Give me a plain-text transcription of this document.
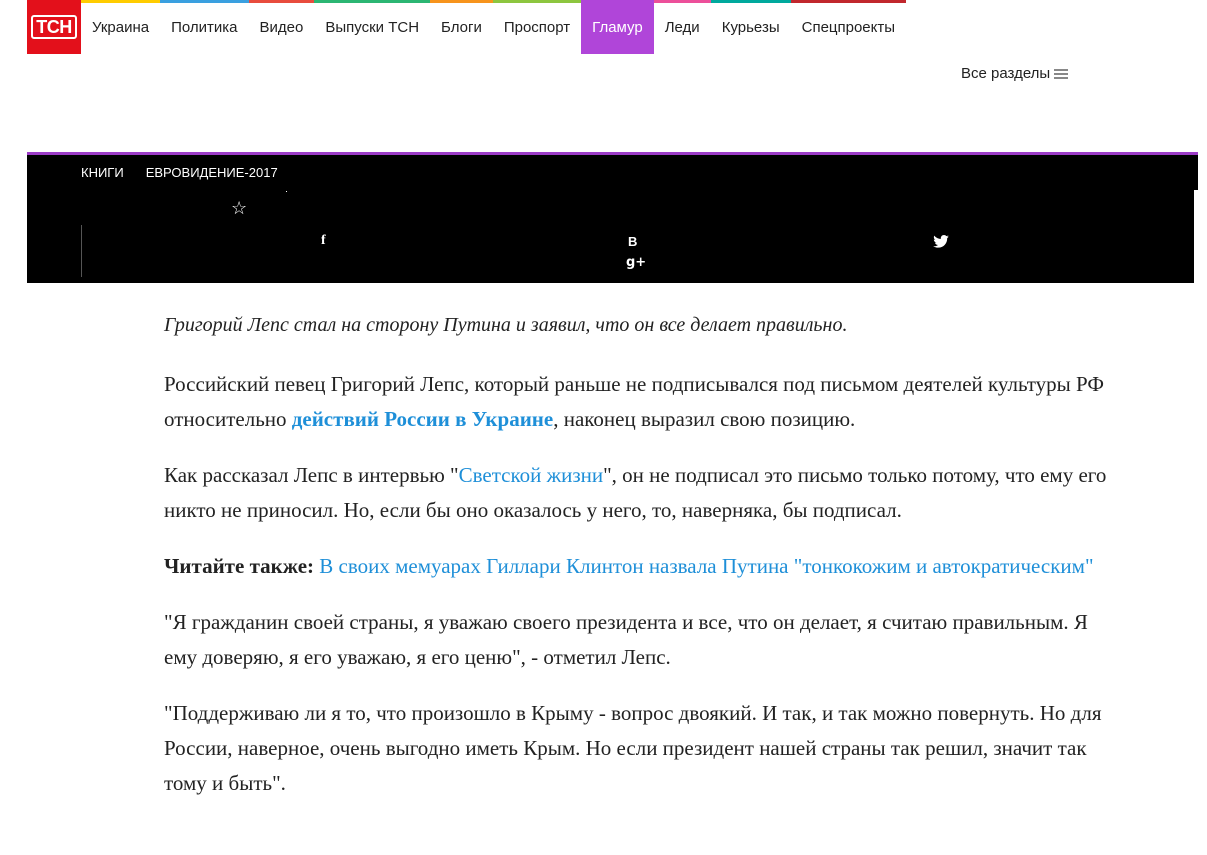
ТСН	Украина Политика Видео Выпуски ТСН Блоги Проспорт Гламур Леди Курьезы Спецпроекты
Все разделы
КНИГИ ЕВРОВИДЕНИЕ-2017
☆
f	В
g+

Григорий Лепс стал на сторону Путина и заявил, что он все делает правильно.

Российский певец Григорий Лепс, который раньше не подписывался под письмом деятелей культуры РФ относительно действий России в Украине, наконец выразил свою позицию.

Как рассказал Лепс в интервью "Светской жизни", он не подписал это письмо только потому, что ему его никто не приносил. Но, если бы оно оказалось у него, то, наверняка, бы подписал.

Читайте также: В своих мемуарах Гиллари Клинтон назвала Путина "тонкокожим и автократическим"

"Я гражданин своей страны, я уважаю своего президента и все, что он делает, я считаю правильным. Я ему доверяю, я его уважаю, я его ценю", - отметил Лепс.

"Поддерживаю ли я то, что произошло в Крыму - вопрос двоякий. И так, и так можно повернуть. Но для России, наверное, очень выгодно иметь Крым. Но если президент нашей страны так решил, значит так тому и быть".
